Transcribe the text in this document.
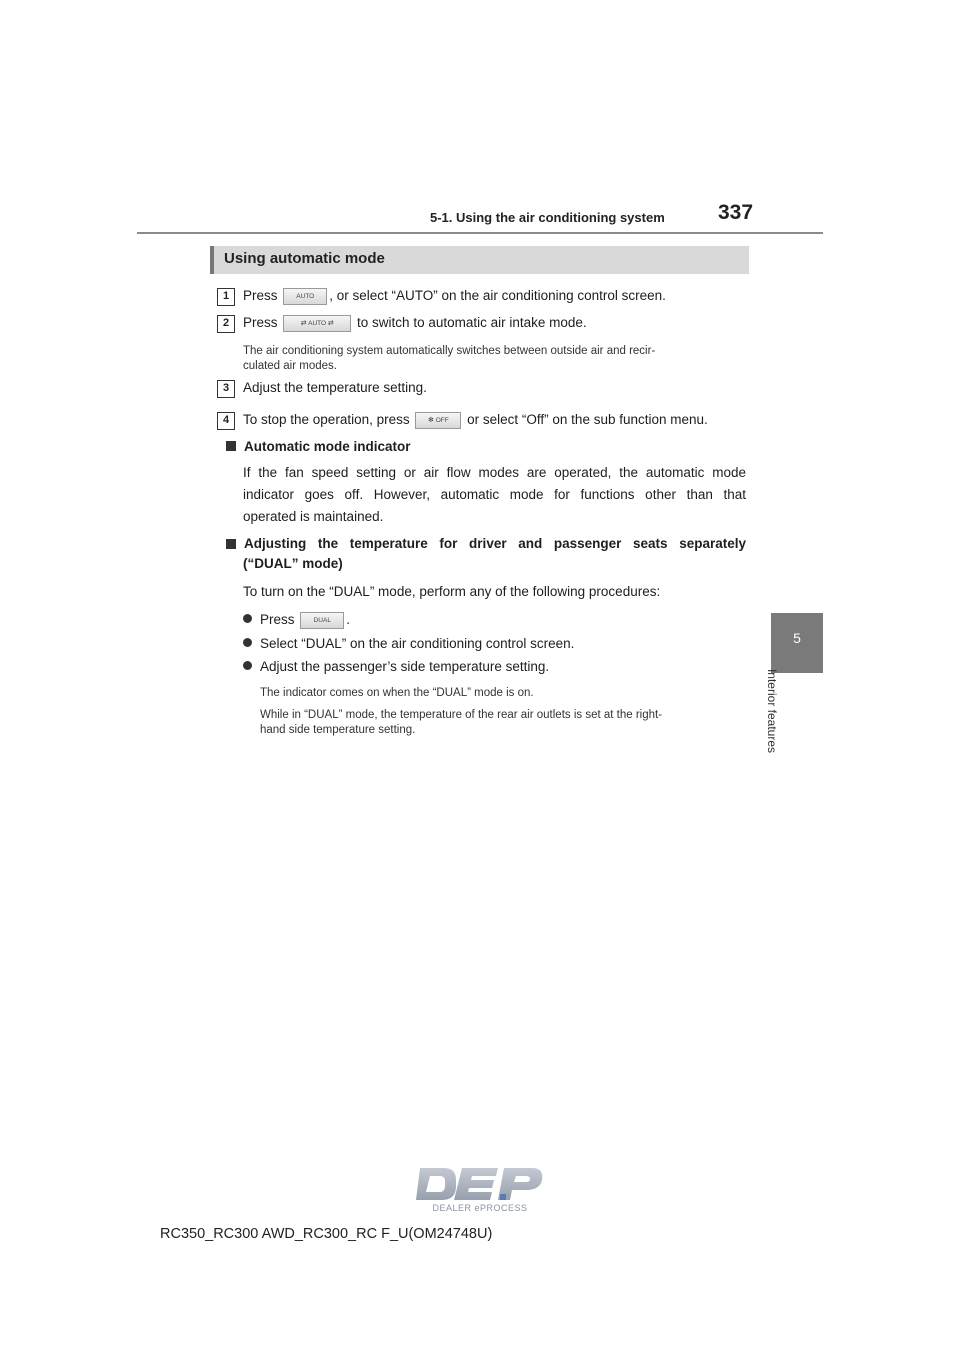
5-1. Using the air conditioning system	337
5
Interior features
Using automatic mode
1	Press	AUTO , or select “AUTO” on the air conditioning control screen.
2	Press	⇄ AUTO ⇄ to switch to automatic air intake mode.
The air conditioning system automatically switches between outside air and recir-
culated air modes.
3	Adjust the temperature setting.
4	To stop the operation, press	✻ OFF or select “Off” on the sub function menu.
Automatic mode indicator
If the fan speed setting or air flow modes are operated, the automatic mode
indicator goes off. However, automatic mode for functions other than that
operated is maintained.
Adjusting the temperature for driver and passenger seats separately
(“DUAL” mode)
To turn on the “DUAL” mode, perform any of the following procedures:
Press	DUAL .
Select “DUAL” on the air conditioning control screen.
Adjust the passenger’s side temperature setting.
The indicator comes on when the “DUAL” mode is on.
While in “DUAL” mode, the temperature of the rear air outlets is set at the right-
hand side temperature setting.
DEALER ePROCESS
RC350_RC300 AWD_RC300_RC F_U(OM24748U)
